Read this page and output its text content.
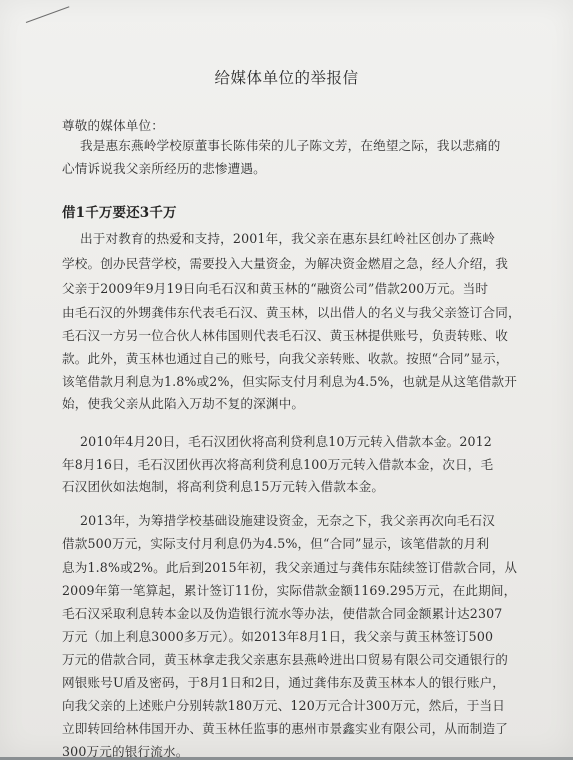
给媒体单位的举报信
尊敬的媒体单位：
我是惠东燕岭学校原董事长陈伟荣的儿子陈文芳，在绝望之际，我以悲痛的
心情诉说我父亲所经历的悲惨遭遇。
借1千万要还3千万
出于对教育的热爱和支持，2001年，我父亲在惠东县红岭社区创办了燕岭
学校。创办民营学校，需要投入大量资金，为解决资金燃眉之急，经人介绍，我
父亲于2009年9月19日向毛石汉和黄玉林的“融资公司”借款200万元。当时
由毛石汉的外甥龚伟东代表毛石汉、黄玉林，以出借人的名义与我父亲签订合同，
毛石汉一方另一位合伙人林伟国则代表毛石汉、黄玉林提供账号，负责转账、收
款。此外，黄玉林也通过自己的账号，向我父亲转账、收款。按照“合同”显示，
该笔借款月利息为1.8%或2%，但实际支付月利息为4.5%，也就是从这笔借款开
始，使我父亲从此陷入万劫不复的深渊中。
2010年4月20日，毛石汉团伙将高利贷利息10万元转入借款本金。2012
年8月16日，毛石汉团伙再次将高利贷利息100万元转入借款本金，次日，毛
石汉团伙如法炮制，将高利贷利息15万元转入借款本金。
2013年，为筹措学校基础设施建设资金，无奈之下，我父亲再次向毛石汉
借款500万元，实际支付月利息仍为4.5%，但“合同”显示，该笔借款的月利
息为1.8%或2%。此后到2015年初，我父亲通过与龚伟东陆续签订借款合同，从
2009年第一笔算起，累计签订11份，实际借款金额1169.295万元，在此期间，
毛石汉采取利息转本金以及伪造银行流水等办法，使借款合同金额累计达2307
万元（加上利息3000多万元）。如2013年8月1日，我父亲与黄玉林签订500
万元的借款合同，黄玉林拿走我父亲惠东县燕岭进出口贸易有限公司交通银行的
网银账号U盾及密码，于8月1日和2日，通过龚伟东及黄玉林本人的银行账户，
向我父亲的上述账户分别转款180万元、120万元合计300万元，然后，于当日
立即转回给林伟国开办、黄玉林任监事的惠州市景鑫实业有限公司，从而制造了
300万元的银行流水。
